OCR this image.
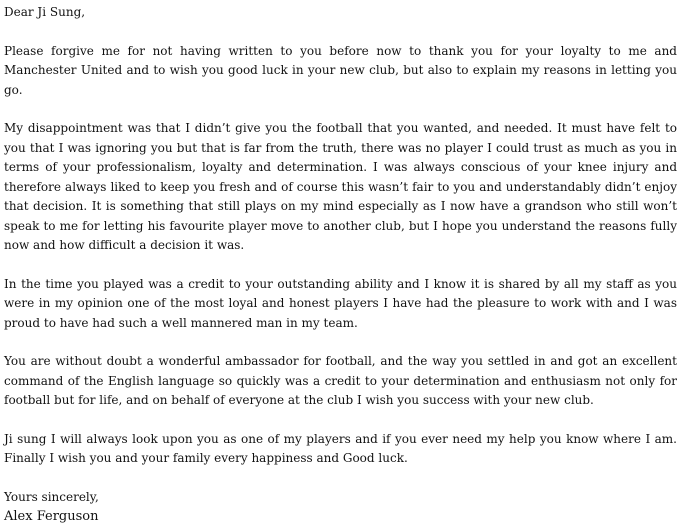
Dear Ji Sung,

Please forgive me for not having written to you before now to thank you for your loyalty to me and Manchester United and to wish you good luck in your new club, but also to explain my reasons in letting you go.

My disappointment was that I didn’t give you the football that you wanted, and needed. It must have felt to you that I was ignoring you but that is far from the truth, there was no player I could trust as much as you in terms of your professionalism, loyalty and determination. I was always conscious of your knee injury and therefore always liked to keep you fresh and of course this wasn’t fair to you and understandably didn’t enjoy that decision. It is something that still plays on my mind especially as I now have a grandson who still won’t speak to me for letting his favourite player move to another club, but I hope you understand the reasons fully now and how difficult a decision it was.

In the time you played was a credit to your outstanding ability and I know it is shared by all my staff as you were in my opinion one of the most loyal and honest players I have had the pleasure to work with and I was proud to have had such a well mannered man in my team.

You are without doubt a wonderful ambassador for football, and the way you settled in and got an excellent command of the English language so quickly was a credit to your determination and enthusiasm not only for football but for life, and on behalf of everyone at the club I wish you success with your new club.

Ji sung I will always look upon you as one of my players and if you ever need my help you know where I am. Finally I wish you and your family every happiness and Good luck.

Yours sincerely,

Alex Ferguson
